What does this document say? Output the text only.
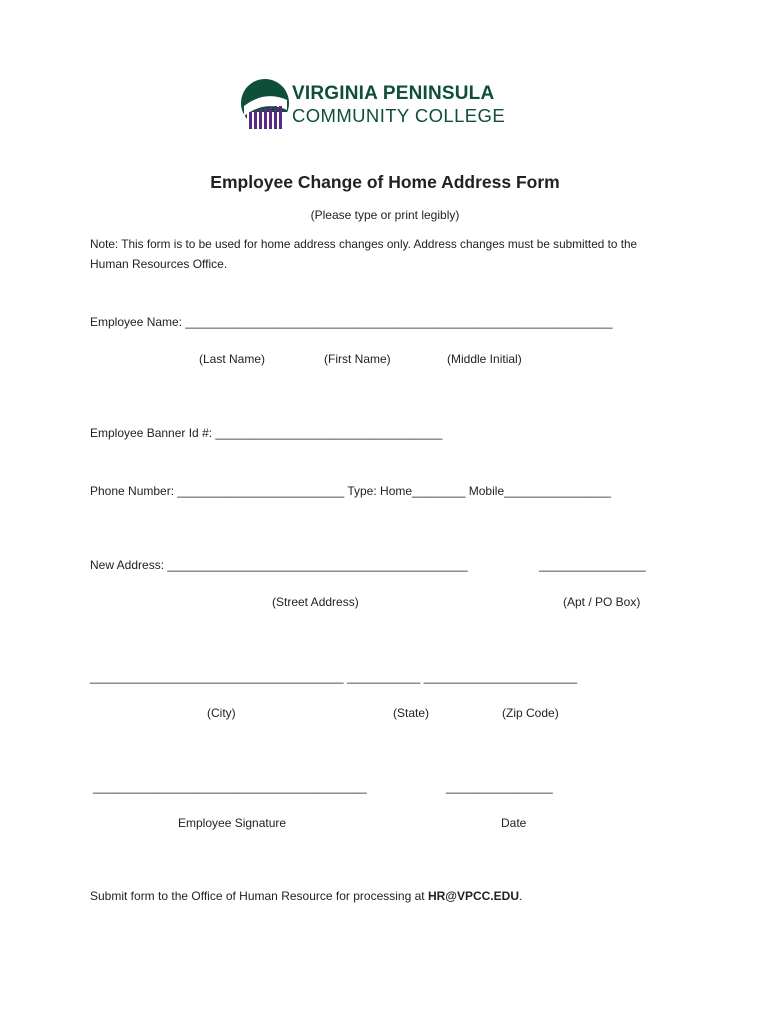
VIRGINIA PENINSULA
COMMUNITY COLLEGE
Employee Change of Home Address Form
(Please type or print legibly)
Note: This form is to be used for home address changes only. Address changes must be submitted to the
Human Resources Office.
Employee Name: ________________________________________________________________
(Last Name)	(First Name)	(Middle Initial)
Employee Banner Id #: __________________________________
Phone Number: _________________________ Type: Home________ Mobile________________
New Address: _____________________________________________	________________
(Street Address)	(Apt / PO Box)
______________________________________ ___________ _______________________
(City)	(State)	(Zip Code)
_________________________________________	________________
Employee Signature	Date
Submit form to the Office of Human Resource for processing at HR@VPCC.EDU.
